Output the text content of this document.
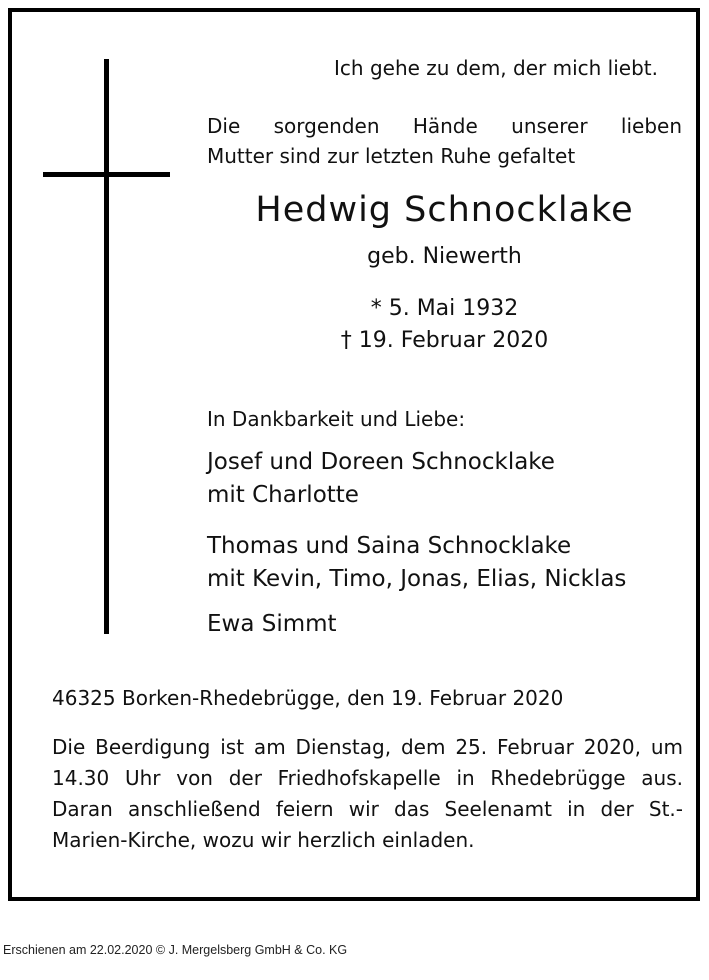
Ich gehe zu dem, der mich liebt.
Die sorgenden Hände unserer lieben
Mutter sind zur letzten Ruhe gefaltet
Hedwig Schnocklake
geb. Niewerth
* 5. Mai 1932
† 19. Februar 2020
In Dankbarkeit und Liebe:
Josef und Doreen Schnocklake
mit Charlotte
Thomas und Saina Schnocklake
mit Kevin, Timo, Jonas, Elias, Nicklas
Ewa Simmt
46325 Borken-Rhedebrügge, den 19. Februar 2020
Die Beerdigung ist am Dienstag, dem 25. Februar 2020, um 14.30 Uhr von der Friedhofskapelle in Rhedebrügge aus. Daran anschließend feiern wir das Seelenamt in der St.-Marien-Kirche, wozu wir herzlich einladen.
Erschienen am 22.02.2020 © J. Mergelsberg GmbH & Co. KG
